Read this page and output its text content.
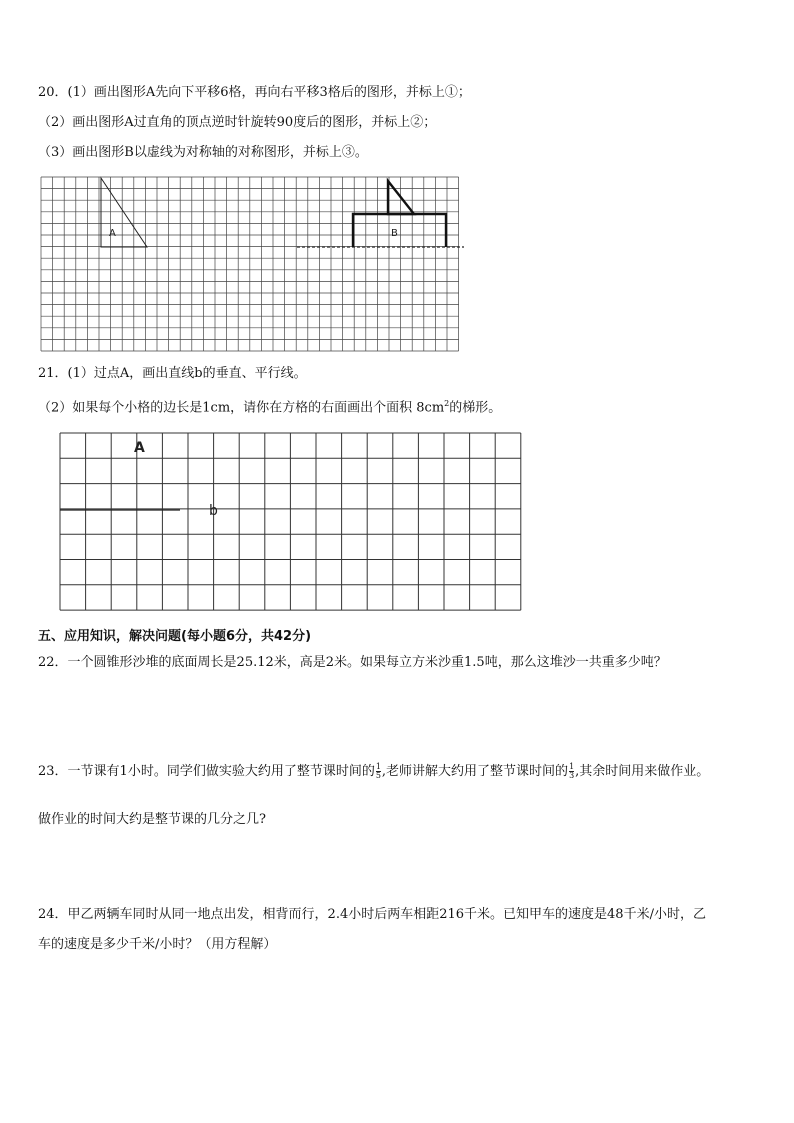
20．(1）画出图形A先向下平移6格，再向右平移3格后的图形，并标上①；
（2）画出图形A过直角的顶点逆时针旋转90度后的图形，并标上②；
（3）画出图形B以虚线为对称轴的对称图形，并标上③。
A	B
21．(1）过点A，画出直线b的垂直、平行线。
（2）如果每个小格的边长是1cm，请你在方格的右面画出个面积 $8cm^2$的梯形。
A
b
五、应用知识，解决问题(每小题6分，共42分)
22．一个圆锥形沙堆的底面周长是25.12米，高是2米。如果每立方米沙重1.5吨，那么这堆沙一共重多少吨？
23．一节课有1小时。同学们做实验大约用了整节课时间的 $\frac{1}{5}$ ,老师讲解大约用了整节课时间的 $\frac{1}{3}$ ,其余时间用来做作业。
做作业的时间大约是整节课的几分之几?
24．甲乙两辆车同时从同一地点出发，相背而行，2.4小时后两车相距216千米。已知甲车的速度是48千米/小时，乙
车的速度是多少千米/小时？（用方程解）
